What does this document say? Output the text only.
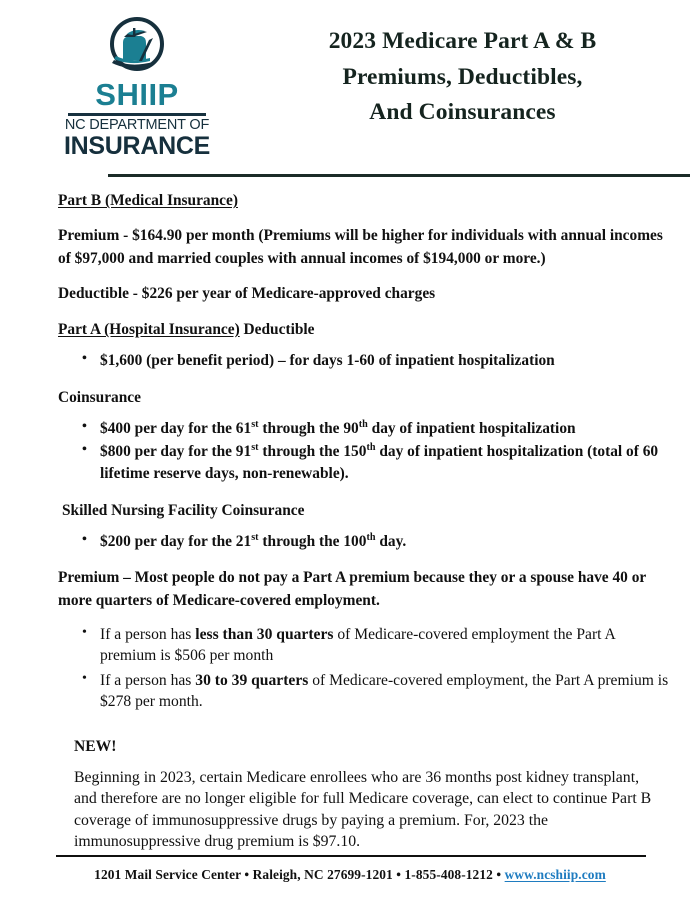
SHIIP
NC DEPARTMENT OF
INSURANCE
2023 Medicare Part A & B
Premiums, Deductibles,
And Coinsurances
Part B (Medical Insurance)
Premium - $164.90 per month (Premiums will be higher for individuals with annual incomes of $97,000 and married couples with annual incomes of $194,000 or more.)
Deductible - $226 per year of Medicare-approved charges
Part A (Hospital Insurance) Deductible
• $1,600 (per benefit period) – for days 1-60 of inpatient hospitalization
Coinsurance
• $400 per day for the 61st through the 90th day of inpatient hospitalization
• $800 per day for the 91st through the 150th day of inpatient hospitalization (total of 60 lifetime reserve days, non-renewable).
Skilled Nursing Facility Coinsurance
• $200 per day for the 21st through the 100th day.
Premium – Most people do not pay a Part A premium because they or a spouse have 40 or more quarters of Medicare-covered employment.
• If a person has less than 30 quarters of Medicare-covered employment the Part A premium is $506 per month
• If a person has 30 to 39 quarters of Medicare-covered employment, the Part A premium is $278 per month.
NEW!
Beginning in 2023, certain Medicare enrollees who are 36 months post kidney transplant, and therefore are no longer eligible for full Medicare coverage, can elect to continue Part B coverage of immunosuppressive drugs by paying a premium. For, 2023 the immunosuppressive drug premium is $97.10.
1201 Mail Service Center • Raleigh, NC 27699-1201 • 1-855-408-1212 • www.ncshiip.com
